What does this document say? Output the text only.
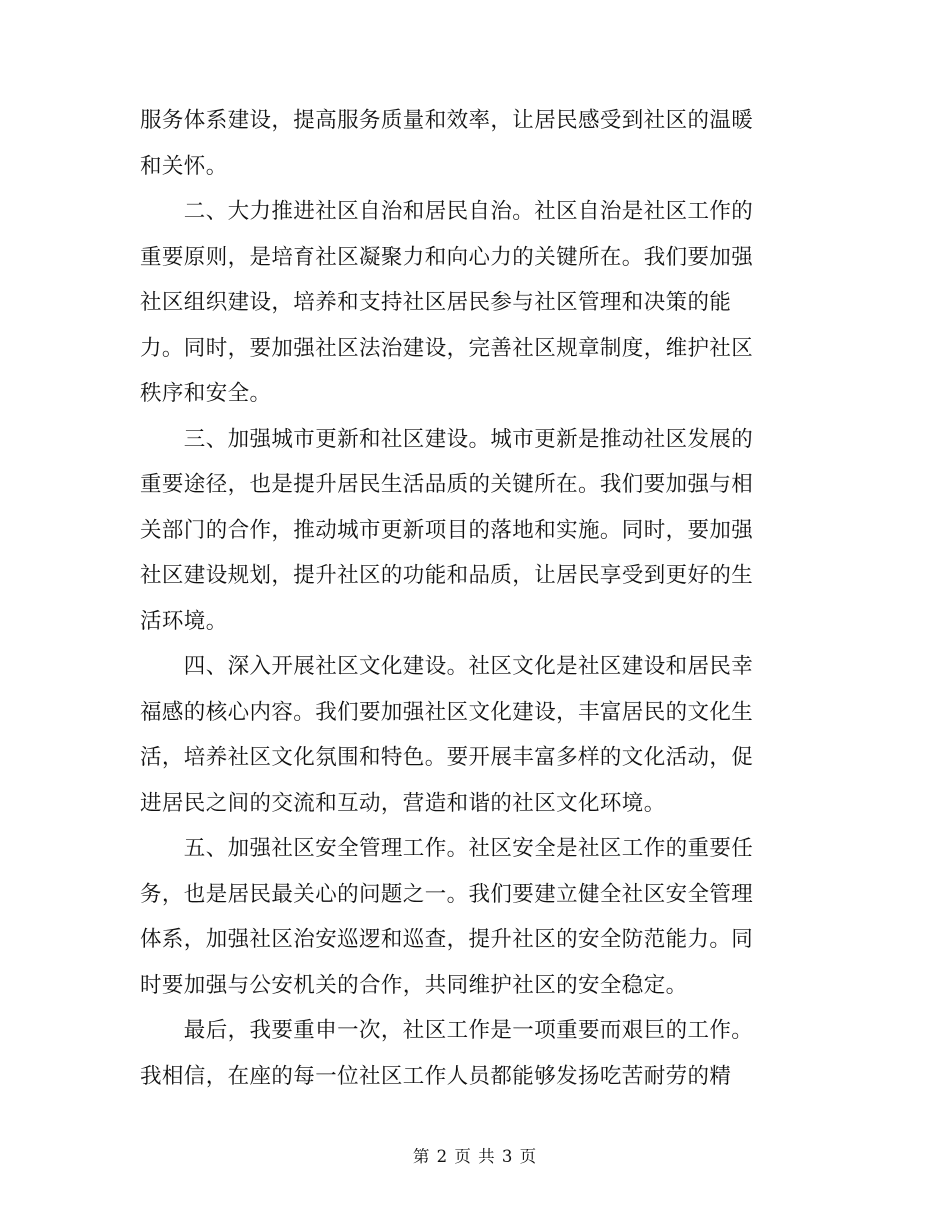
服务体系建设，提高服务质量和效率，让居民感受到社区的温暖
和关怀。
　　二、大力推进社区自治和居民自治。社区自治是社区工作的
重要原则，是培育社区凝聚力和向心力的关键所在。我们要加强
社区组织建设，培养和支持社区居民参与社区管理和决策的能
力。同时，要加强社区法治建设，完善社区规章制度，维护社区
秩序和安全。
　　三、加强城市更新和社区建设。城市更新是推动社区发展的
重要途径，也是提升居民生活品质的关键所在。我们要加强与相
关部门的合作，推动城市更新项目的落地和实施。同时，要加强
社区建设规划，提升社区的功能和品质，让居民享受到更好的生
活环境。
　　四、深入开展社区文化建设。社区文化是社区建设和居民幸
福感的核心内容。我们要加强社区文化建设，丰富居民的文化生
活，培养社区文化氛围和特色。要开展丰富多样的文化活动，促
进居民之间的交流和互动，营造和谐的社区文化环境。
　　五、加强社区安全管理工作。社区安全是社区工作的重要任
务，也是居民最关心的问题之一。我们要建立健全社区安全管理
体系，加强社区治安巡逻和巡查，提升社区的安全防范能力。同
时要加强与公安机关的合作，共同维护社区的安全稳定。
　　最后，我要重申一次，社区工作是一项重要而艰巨的工作。
我相信，在座的每一位社区工作人员都能够发扬吃苦耐劳的精
第 2 页 共 3 页
